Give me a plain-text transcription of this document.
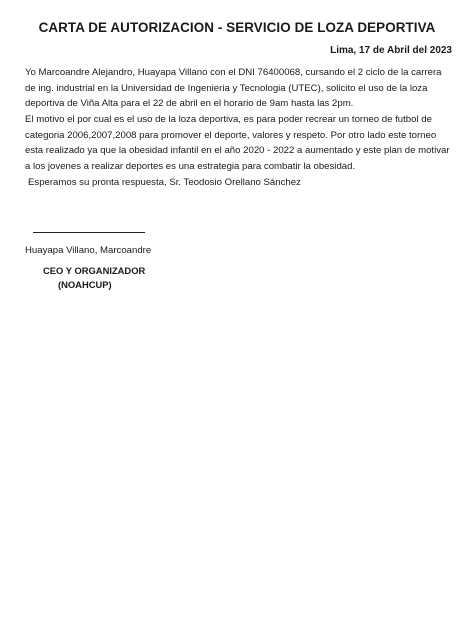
CARTA DE AUTORIZACION - SERVICIO DE LOZA DEPORTIVA
Lima, 17 de Abril del 2023

Yo Marcoandre Alejandro, Huayapa Villano con el DNI 76400068, cursando el 2 ciclo de la carrera de ing. industrial en la Universidad de Ingenieria y Tecnologia (UTEC), solicito el uso de la loza deportiva de Viña Alta para el 22 de abril en el horario de 9am hasta las 2pm.

El motivo el por cual es el uso de la loza deportiva, es para poder recrear un torneo de futbol de categoria 2006,2007,2008 para promover el deporte, valores y respeto. Por otro lado este torneo esta realizado ya que la obesidad infantil en el año 2020 - 2022 a aumentado y este plan de motivar a los jovenes a realizar deportes es una estrategia para combatir la obesidad.

Esperamos su pronta respuesta, Sr. Teodosio Orellano Sánchez

Huayapa Villano, Marcoandre
CEO Y ORGANIZADOR
(NOAHCUP)
